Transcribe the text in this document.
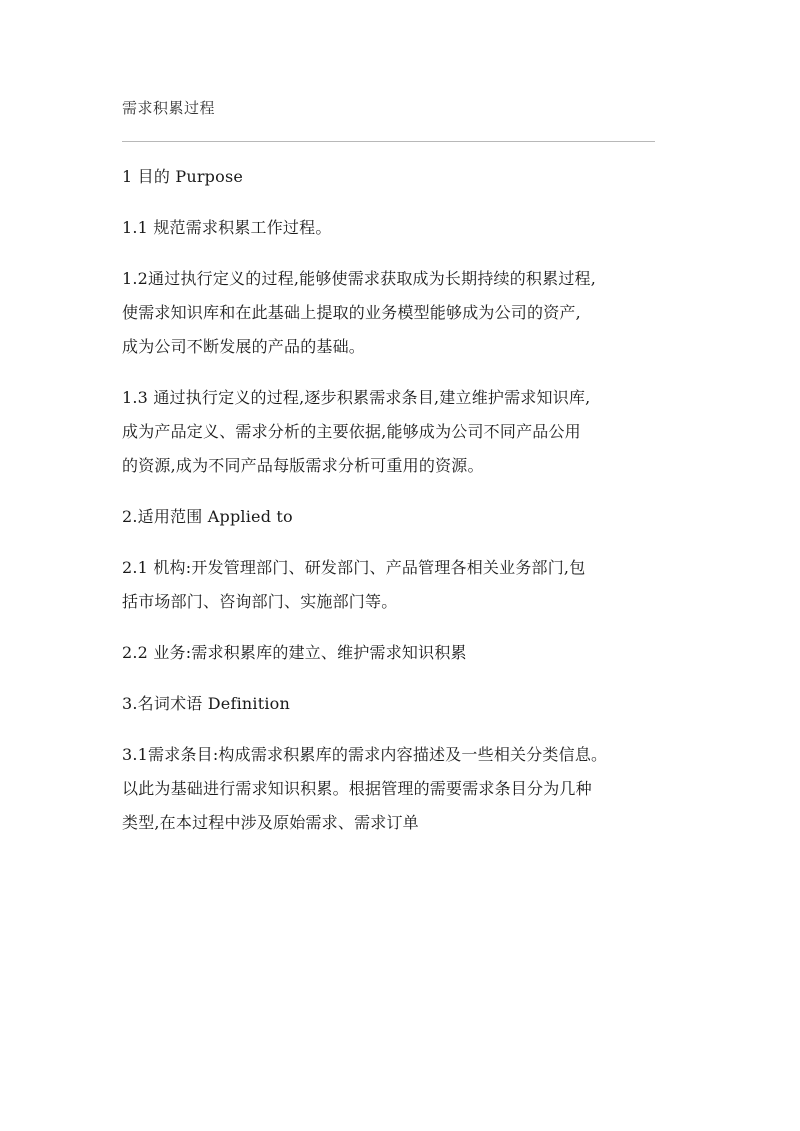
需求积累过程

1 目的 Purpose

1.1 规范需求积累工作过程。

1.2通过执行定义的过程,能够使需求获取成为长期持续的积累过程,

使需求知识库和在此基础上提取的业务模型能够成为公司的资产,

成为公司不断发展的产品的基础。

1.3 通过执行定义的过程,逐步积累需求条目,建立维护需求知识库,

成为产品定义、需求分析的主要依据,能够成为公司不同产品公用

的资源,成为不同产品每版需求分析可重用的资源。

2.适用范围 Applied to

2.1 机构:开发管理部门、研发部门、产品管理各相关业务部门,包

括市场部门、咨询部门、实施部门等。

2.2 业务:需求积累库的建立、维护需求知识积累

3.名词术语 Definition

3.1需求条目:构成需求积累库的需求内容描述及一些相关分类信息。

以此为基础进行需求知识积累。根据管理的需要需求条目分为几种

类型,在本过程中涉及原始需求、需求订单
